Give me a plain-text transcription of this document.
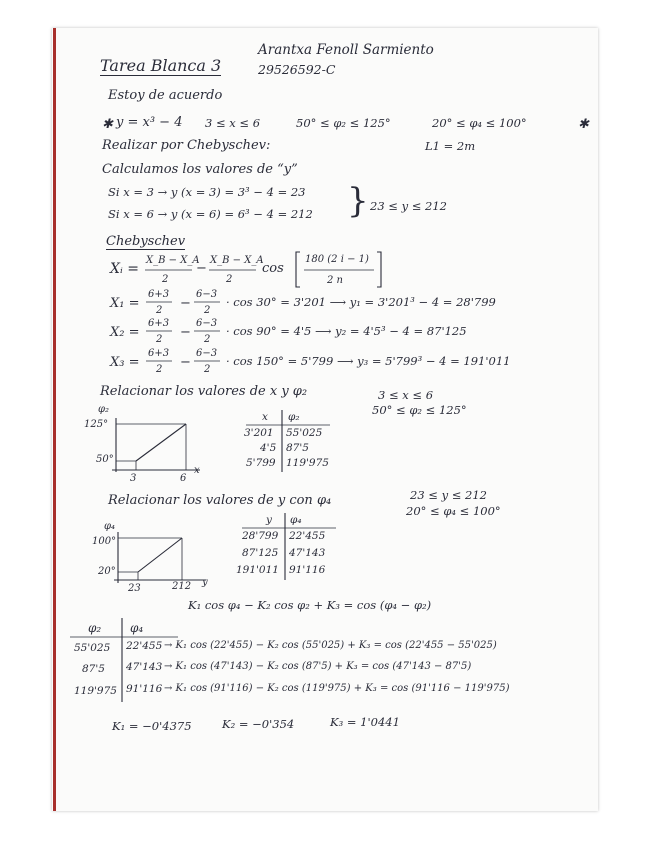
Arantxa Fenoll Sarmiento
29526592-C
Tarea Blanca 3
Estoy de acuerdo
✱ y = x³ − 4 3 ≤ x ≤ 6	50° ≤ φ₂ ≤ 125°	20° ≤ φ₄ ≤ 100°	✱
Realizar por Chebyschev:	L1 = 2m
Calculamos los valores de “y”
Si x = 3 → y (x = 3) = 3³ − 4 = 23
Si x = 6 → y (x = 6) = 6³ − 4 = 212 } 23 ≤ y ≤ 212
Chebyschev
Xᵢ =
X_B − X_A
2
−
X_B − X_A
2
cos
180 (2 i − 1)
2 n
X₁ =
6+3
2 −
6−3
2
· cos 30° = 3'201 ⟶ y₁ = 3'201³ − 4 = 28'799
X₂ =
6+3
2 −
6−3
2
· cos 90° = 4'5 ⟶ y₂ = 4'5³ − 4 = 87'125
X₃ =
6+3
2 −
6−3
2
· cos 150° = 5'799 ⟶ y₃ = 5'799³ − 4 = 191'011
Relacionar los valores de x y φ₂	3 ≤ x ≤ 6
50° ≤ φ₂ ≤ 125°
φ₂
125°
50°
3	6
x
x φ₂
3'201 55'025
4'5 87'5
5'799 119'975
Relacionar los valores de y con φ₄	23 ≤ y ≤ 212
20° ≤ φ₄ ≤ 100°
φ₄
100°
20°
23	212 y
y φ₄
28'799 22'455
87'125 47'143
191'011 91'116
K₁ cos φ₄ − K₂ cos φ₂ + K₃ = cos (φ₄ − φ₂)
φ₂ φ₄
55'025 22'455 → K₁ cos (22'455) − K₂ cos (55'025) + K₃ = cos (22'455 − 55'025)
87'5 47'143 → K₁ cos (47'143) − K₂ cos (87'5) + K₃ = cos (47'143 − 87'5)
119'975 91'116 → K₁ cos (91'116) − K₂ cos (119'975) + K₃ = cos (91'116 − 119'975)
K₁ = −0'4375	K₂ = −0'354	K₃ = 1'0441
